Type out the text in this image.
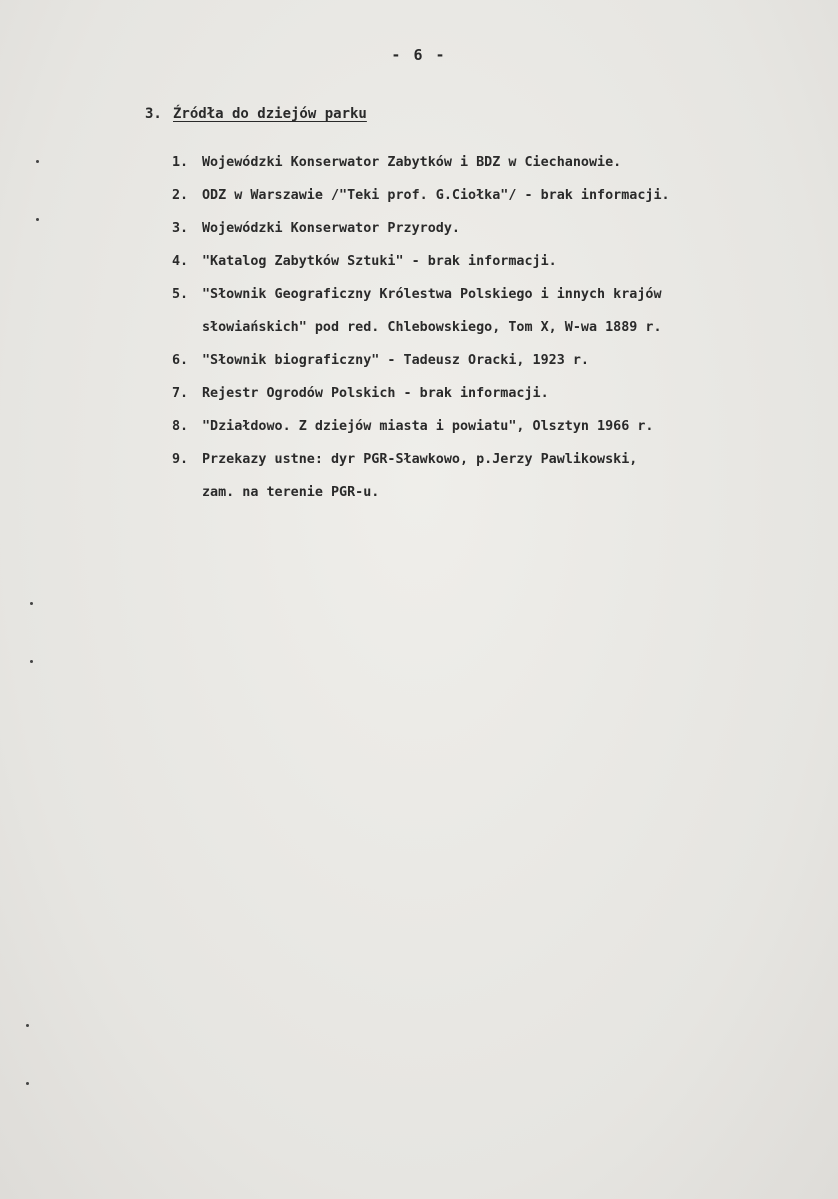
- 6 -
3. Źródła do dziejów parku
1. Wojewódzki Konserwator Zabytków i BDZ w Ciechanowie.
2. ODZ w Warszawie /"Teki prof. G.Ciołka"/ - brak informacji.
3. Wojewódzki Konserwator Przyrody.
4. "Katalog Zabytków Sztuki" - brak informacji.
5. "Słownik Geograficzny Królestwa Polskiego i innych krajów
słowiańskich" pod red. Chlebowskiego, Tom X, W-wa 1889 r.
6. "Słownik biograficzny" - Tadeusz Oracki, 1923 r.
7. Rejestr Ogrodów Polskich - brak informacji.
8. "Działdowo. Z dziejów miasta i powiatu", Olsztyn 1966 r.
9. Przekazy ustne: dyr PGR-Sławkowo, p.Jerzy Pawlikowski,
zam. na terenie PGR-u.
